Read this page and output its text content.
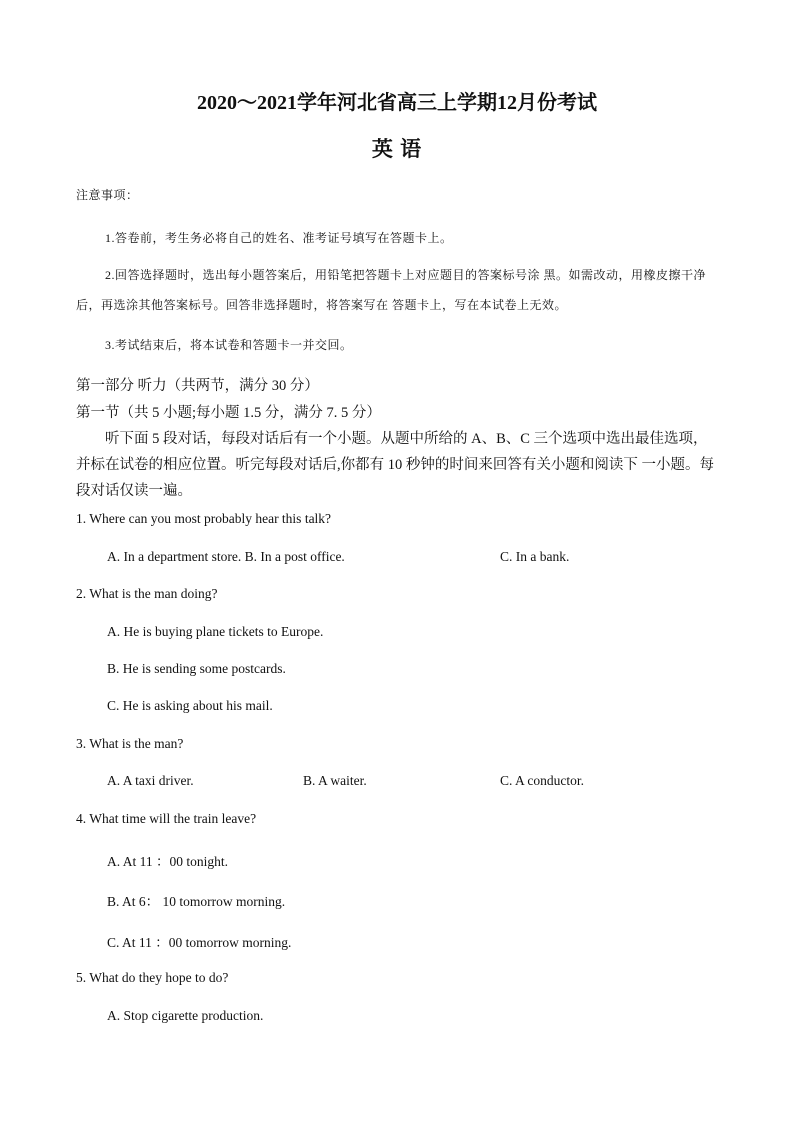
2020〜2021学年河北省高三上学期12月份考试
英 语
注意事项：
1.答卷前，考生务必将自己的姓名、准考证号填写在答题卡上。
2.回答选择题时，选出每小题答案后，用铅笔把答题卡上对应题目的答案标号涂 黑。如需改动，用橡皮擦干净后，再选涂其他答案标号。回答非选择题时，将答案写在 答题卡上，写在本试卷上无效。
3.考试结束后，将本试卷和答题卡一并交回。
第一部分 听力（共两节，满分 30 分）
第一节（共 5 小题;每小题 1.5 分，满分 7. 5 分）
听下面 5 段对话，每段对话后有一个小题。从题中所给的 A、B、C 三个选项中选出最佳选项，并标在试卷的相应位置。听完每段对话后,你都有 10 秒钟的时间来回答有关小题和阅读下 一小题。每段对话仅读一遍。
1. Where can you most probably hear this talk?
A. In a department store. B. In a post office.	C. In a bank.
2. What is the man doing?
A. He is buying plane tickets to Europe.
B. He is sending some postcards.
C. He is asking about his mail.
3. What is the man?
A. A taxi driver.	B. A waiter.	C. A conductor.
4. What time will the train leave?
A. At 11 ：00 tonight.
B. At 6： 10 tomorrow morning.
C. At 11 ：00 tomorrow morning.
5. What do they hope to do?
A. Stop cigarette production.
